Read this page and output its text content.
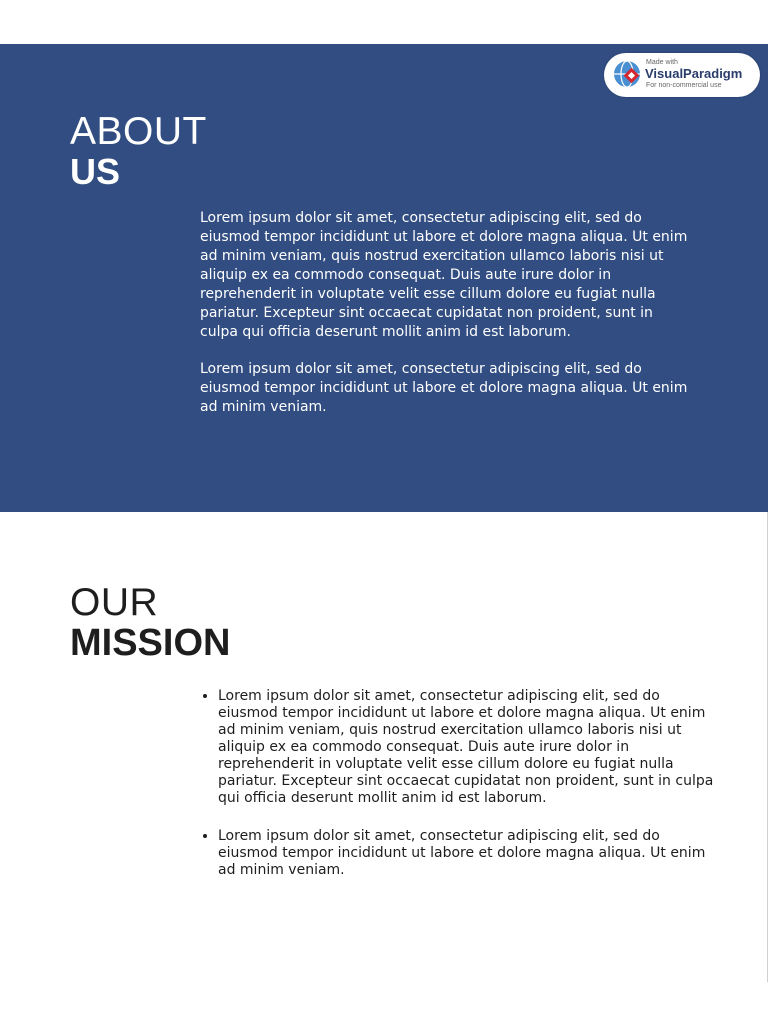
Made with
VisualParadigm
For non-commercial use
ABOUT
US

Lorem ipsum dolor sit amet, consectetur adipiscing elit, sed do eiusmod tempor incididunt ut labore et dolore magna aliqua. Ut enim ad minim veniam, quis nostrud exercitation ullamco laboris nisi ut aliquip ex ea commodo consequat. Duis aute irure dolor in reprehenderit in voluptate velit esse cillum dolore eu fugiat nulla pariatur. Excepteur sint occaecat cupidatat non proident, sunt in culpa qui officia deserunt mollit anim id est laborum.

Lorem ipsum dolor sit amet, consectetur adipiscing elit, sed do eiusmod tempor incididunt ut labore et dolore magna aliqua. Ut enim ad minim veniam.

OUR
MISSION
• Lorem ipsum dolor sit amet, consectetur adipiscing elit, sed do eiusmod tempor incididunt ut labore et dolore magna aliqua. Ut enim ad minim veniam, quis nostrud exercitation ullamco laboris nisi ut aliquip ex ea commodo consequat. Duis aute irure dolor in reprehenderit in voluptate velit esse cillum dolore eu fugiat nulla pariatur. Excepteur sint occaecat cupidatat non proident, sunt in culpa qui officia deserunt mollit anim id est laborum.
• Lorem ipsum dolor sit amet, consectetur adipiscing elit, sed do eiusmod tempor incididunt ut labore et dolore magna aliqua. Ut enim ad minim veniam.
